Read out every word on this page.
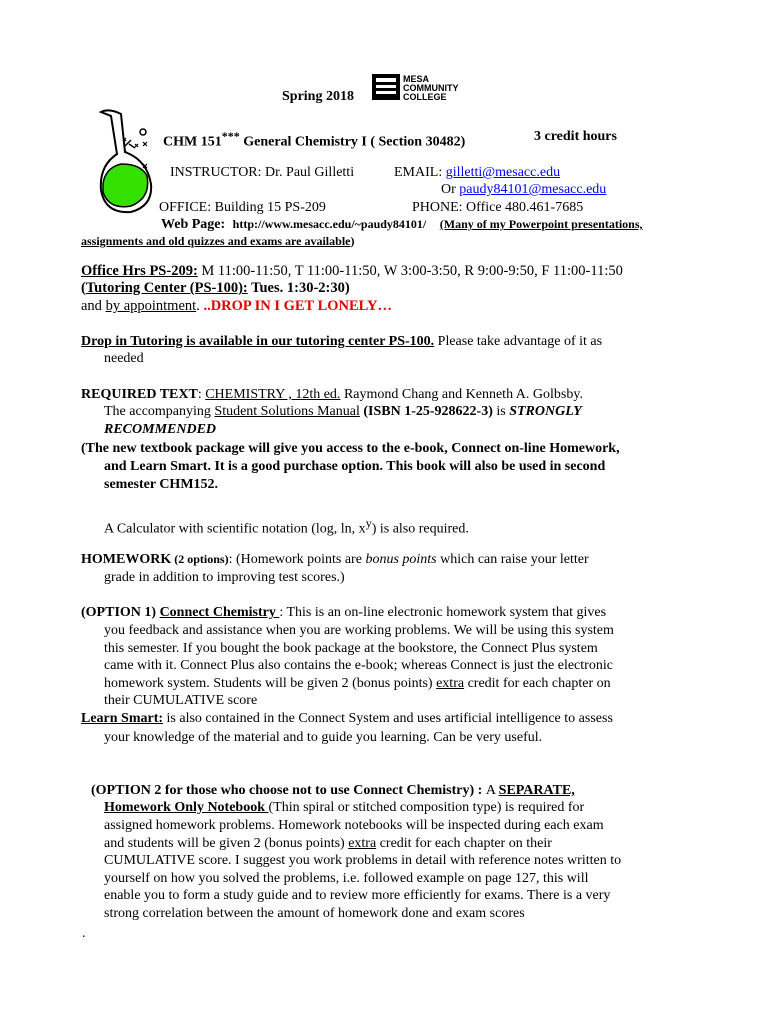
Spring 2018
MESA
COMMUNITY
COLLEGE
CHM 151*** General Chemistry I ( Section 30482)	3 credit hours
INSTRUCTOR: Dr. Paul Gilletti	EMAIL: gilletti@mesacc.edu
Or paudy84101@mesacc.edu
OFFICE: Building 15 PS-209	PHONE: Office 480.461-7685
Web Page: http://www.mesacc.edu/~paudy84101/ (Many of my Powerpoint presentations,
assignments and old quizzes and exams are available)
Office Hrs PS-209: M 11:00-11:50, T 11:00-11:50, W 3:00-3:50, R 9:00-9:50, F 11:00-11:50
(Tutoring Center (PS-100): Tues. 1:30-2:30)
and by appointment. ..DROP IN I GET LONELY…
Drop in Tutoring is available in our tutoring center PS-100. Please take advantage of it as
needed
REQUIRED TEXT: CHEMISTRY , 12th ed. Raymond Chang and Kenneth A. Golbsby.
The accompanying Student Solutions Manual (ISBN 1-25-928622-3) is STRONGLY
RECOMMENDED
(The new textbook package will give you access to the e-book, Connect on-line Homework,
and Learn Smart. It is a good purchase option. This book will also be used in second
semester CHM152.
A Calculator with scientific notation (log, ln, $x^y$) is also required.
HOMEWORK (2 options): (Homework points are bonus points which can raise your letter
grade in addition to improving test scores.)
(OPTION 1) Connect Chemistry : This is an on-line electronic homework system that gives
you feedback and assistance when you are working problems. We will be using this system
this semester. If you bought the book package at the bookstore, the Connect Plus system
came with it. Connect Plus also contains the e-book; whereas Connect is just the electronic
homework system. Students will be given 2 (bonus points) extra credit for each chapter on
their CUMULATIVE score
Learn Smart: is also contained in the Connect System and uses artificial intelligence to assess
your knowledge of the material and to guide you learning. Can be very useful.
(OPTION 2 for those who choose not to use Connect Chemistry) : A SEPARATE,
Homework Only Notebook (Thin spiral or stitched composition type) is required for
assigned homework problems. Homework notebooks will be inspected during each exam
and students will be given 2 (bonus points) extra credit for each chapter on their
CUMULATIVE score. I suggest you work problems in detail with reference notes written to
yourself on how you solved the problems, i.e. followed example on page 127, this will
enable you to form a study guide and to review more efficiently for exams. There is a very
strong correlation between the amount of homework done and exam scores
.
